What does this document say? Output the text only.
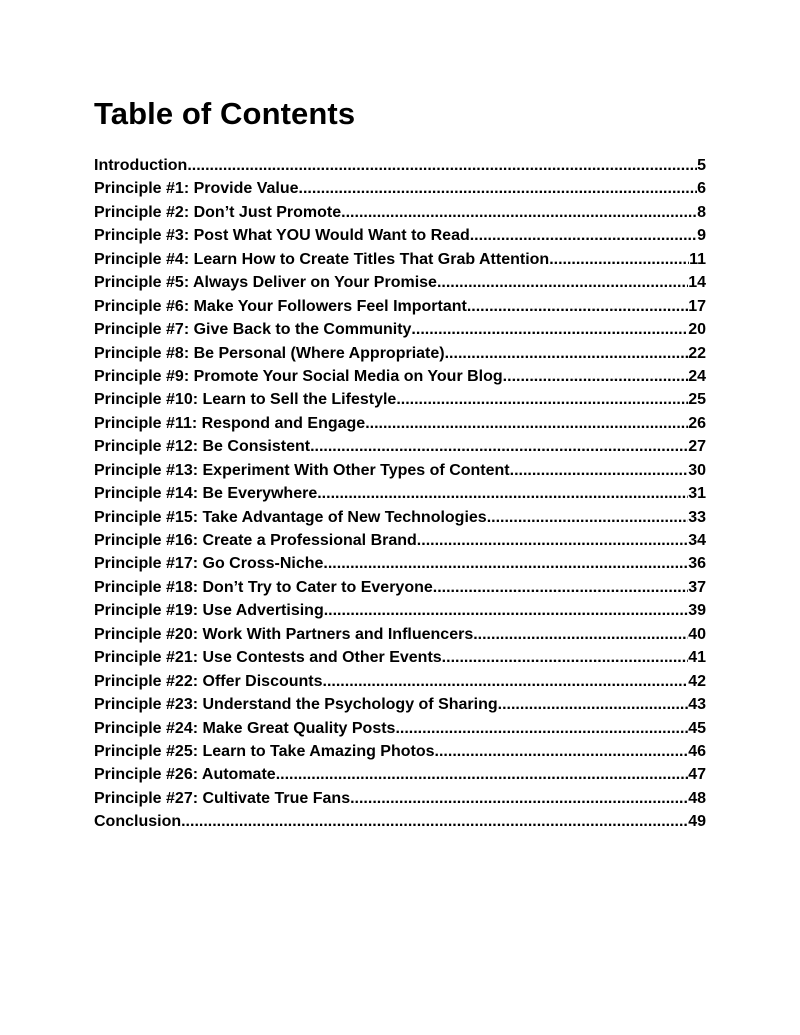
Table of Contents
Introduction .....	5
Principle #1: Provide Value .....	6
Principle #2: Don’t Just Promote .....	8
Principle #3: Post What YOU Would Want to Read .....	9
Principle #4: Learn How to Create Titles That Grab Attention .....	11
Principle #5: Always Deliver on Your Promise .....	14
Principle #6: Make Your Followers Feel Important .....	17
Principle #7: Give Back to the Community .....	20
Principle #8: Be Personal (Where Appropriate) .....	22
Principle #9: Promote Your Social Media on Your Blog .....	24
Principle #10: Learn to Sell the Lifestyle .....	25
Principle #11: Respond and Engage .....	26
Principle #12: Be Consistent .....	27
Principle #13: Experiment With Other Types of Content .....	30
Principle #14: Be Everywhere .....	31
Principle #15: Take Advantage of New Technologies .....	33
Principle #16: Create a Professional Brand .....	34
Principle #17: Go Cross-Niche .....	36
Principle #18: Don’t Try to Cater to Everyone .....	37
Principle #19: Use Advertising .....	39
Principle #20: Work With Partners and Influencers .....	40
Principle #21: Use Contests and Other Events .....	41
Principle #22: Offer Discounts .....	42
Principle #23: Understand the Psychology of Sharing .....	43
Principle #24: Make Great Quality Posts .....	45
Principle #25: Learn to Take Amazing Photos .....	46
Principle #26: Automate .....	47
Principle #27: Cultivate True Fans .....	48
Conclusion .....	49
